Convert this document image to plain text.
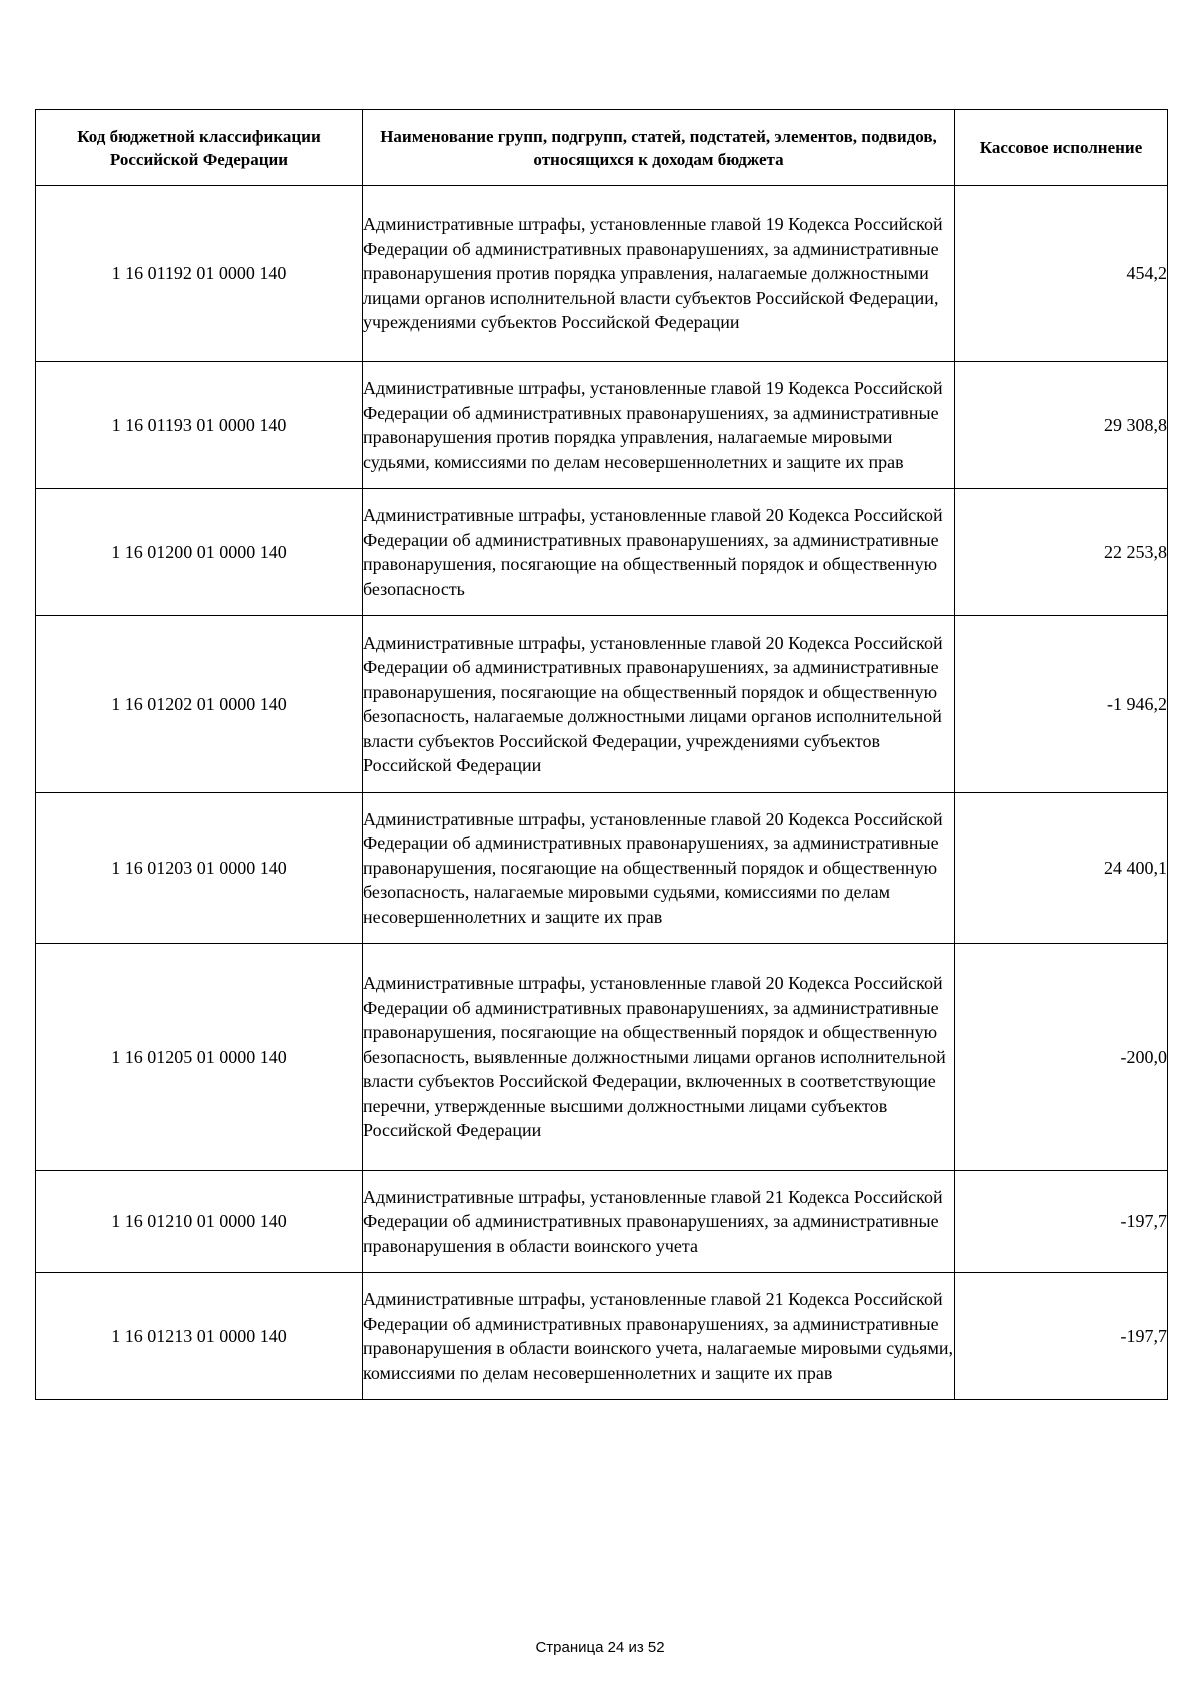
Код бюджетной классификации Российской Федерации	Наименование групп, подгрупп, статей, подстатей, элементов, подвидов, относящихся к доходам бюджета	Кассовое исполнение
1 16 01192 01 0000 140	Административные штрафы, установленные главой 19 Кодекса Российской Федерации об административных правонарушениях, за административные правонарушения против порядка управления, налагаемые должностными лицами органов исполнительной власти субъектов Российской Федерации, учреждениями субъектов Российской Федерации	454,2
1 16 01193 01 0000 140	Административные штрафы, установленные главой 19 Кодекса Российской Федерации об административных правонарушениях, за административные правонарушения против порядка управления, налагаемые мировыми судьями, комиссиями по делам несовершеннолетних и защите их прав	29 308,8
1 16 01200 01 0000 140	Административные штрафы, установленные главой 20 Кодекса Российской Федерации об административных правонарушениях, за административные правонарушения, посягающие на общественный порядок и общественную безопасность	22 253,8
1 16 01202 01 0000 140	Административные штрафы, установленные главой 20 Кодекса Российской Федерации об административных правонарушениях, за административные правонарушения, посягающие на общественный порядок и общественную безопасность, налагаемые должностными лицами органов исполнительной власти субъектов Российской Федерации, учреждениями субъектов Российской Федерации	-1 946,2
1 16 01203 01 0000 140	Административные штрафы, установленные главой 20 Кодекса Российской Федерации об административных правонарушениях, за административные правонарушения, посягающие на общественный порядок и общественную безопасность, налагаемые мировыми судьями, комиссиями по делам несовершеннолетних и защите их прав	24 400,1
1 16 01205 01 0000 140	Административные штрафы, установленные главой 20 Кодекса Российской Федерации об административных правонарушениях, за административные правонарушения, посягающие на общественный порядок и общественную безопасность, выявленные должностными лицами органов исполнительной власти субъектов Российской Федерации, включенных в соответствующие перечни, утвержденные высшими должностными лицами субъектов Российской Федерации	-200,0
1 16 01210 01 0000 140	Административные штрафы, установленные главой 21 Кодекса Российской Федерации об административных правонарушениях, за административные правонарушения в области воинского учета	-197,7
1 16 01213 01 0000 140	Административные штрафы, установленные главой 21 Кодекса Российской Федерации об административных правонарушениях, за административные правонарушения в области воинского учета, налагаемые мировыми судьями, комиссиями по делам несовершеннолетних и защите их прав	-197,7
Страница 24 из 52
